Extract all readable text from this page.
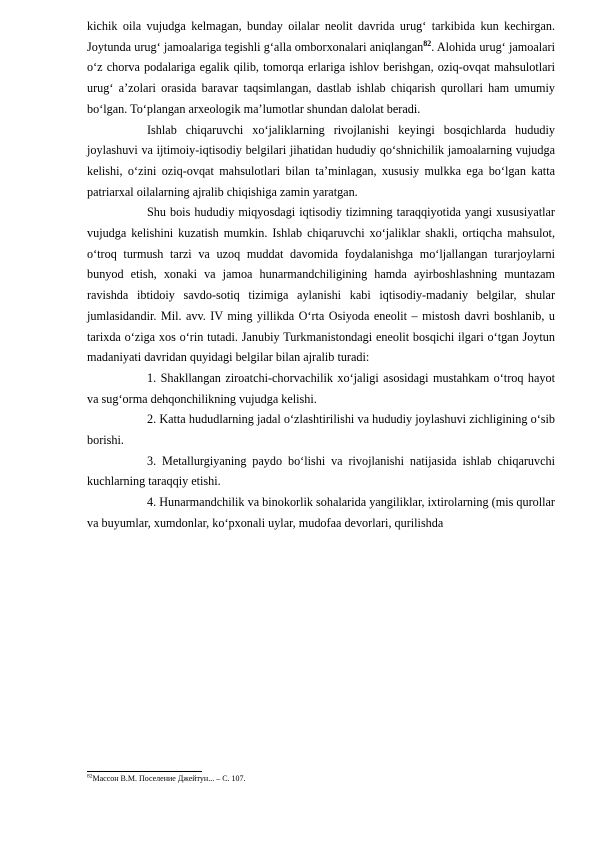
kichik oila vujudga kelmagan, bunday oilalar neolit davrida urug‘ tarkibida kun kechirgan. Joytunda urug‘ jamoalariga tegishli g‘alla omborxonalari aniqlangan$^{82}$. Alohida urug‘ jamoalari o‘z chorva podalariga egalik qilib, tomorqa erlariga ishlov berishgan, oziq-ovqat mahsulotlari urug‘ a’zolari orasida baravar taqsimlangan, dastlab ishlab chiqarish qurollari ham umumiy bo‘lgan. To‘plangan arxeologik ma’lumotlar shundan dalolat beradi.

Ishlab chiqaruvchi xo‘jaliklarning rivojlanishi keyingi bosqichlarda hududiy joylashuvi va ijtimoiy-iqtisodiy belgilari jihatidan hududiy qo‘shnichilik jamoalarning vujudga kelishi, o‘zini oziq-ovqat mahsulotlari bilan ta’minlagan, xususiy mulkka ega bo‘lgan katta patriarxal oilalarning ajralib chiqishiga zamin yaratgan.

Shu bois hududiy miqyosdagi iqtisodiy tizimning taraqqiyotida yangi xususiyatlar vujudga kelishini kuzatish mumkin. Ishlab chiqaruvchi xo‘jaliklar shakli, ortiqcha mahsulot, o‘troq turmush tarzi va uzoq muddat davomida foydalanishga mo‘ljallangan turarjoylarni bunyod etish, xonaki va jamoa hunarmandchiligining hamda ayirboshlashning muntazam ravishda ibtidoiy savdo-sotiq tizimiga aylanishi kabi iqtisodiy-madaniy belgilar, shular jumlasidandir. Mil. avv. IV ming yillikda O‘rta Osiyoda eneolit – mistosh davri boshlanib, u tarixda o‘ziga xos o‘rin tutadi. Janubiy Turkmanistondagi eneolit bosqichi ilgari o‘tgan Joytun madaniyati davridan quyidagi belgilar bilan ajralib turadi:

1. Shakllangan ziroatchi-chorvachilik xo‘jaligi asosidagi mustahkam o‘troq hayot va sug‘orma dehqonchilikning vujudga kelishi.

2. Katta hududlarning jadal o‘zlashtirilishi va hududiy joylashuvi zichligining o‘sib borishi.

3. Metallurgiyaning paydo bo‘lishi va rivojlanishi natijasida ishlab chiqaruvchi kuchlarning taraqqiy etishi.

4. Hunarmandchilik va binokorlik sohalarida yangiliklar, ixtirolarning (mis qurollar va buyumlar, xumdonlar, ko‘pxonali uylar, mudofaa devorlari, qurilishda

$^{82}$Массон В.М. Поселение Джейтун... – С. 107.
